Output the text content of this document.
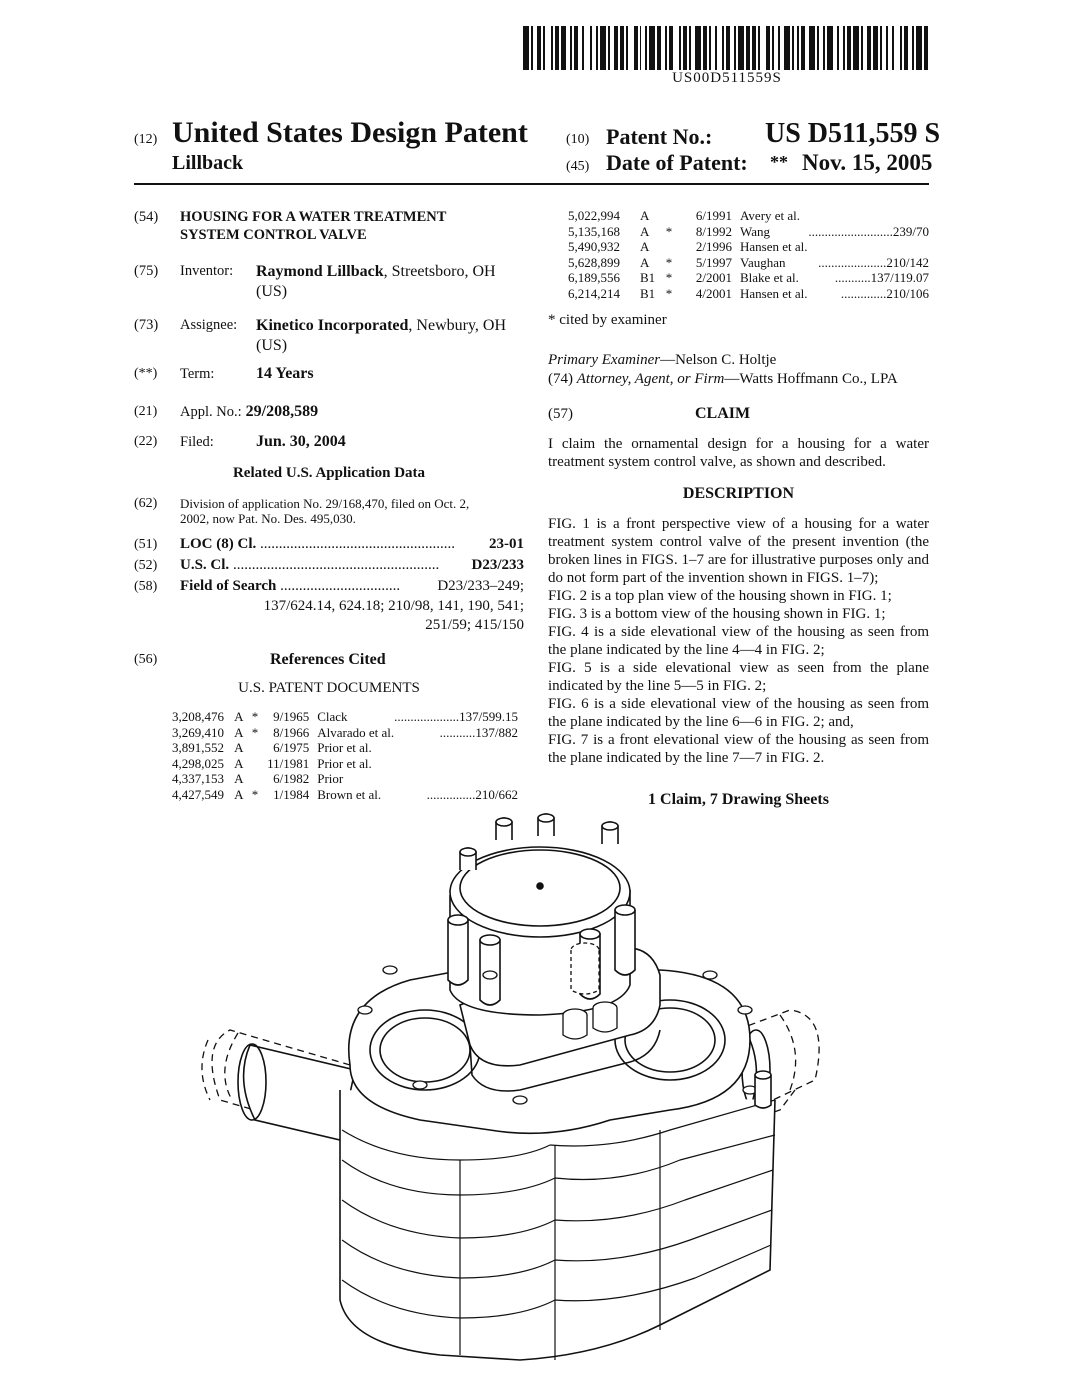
US00D511559S
(12) United States Design Patent	(10) Patent No.: US D511,559 S
Lillback	(45) Date of Patent: ** Nov. 15, 2005
(54)	HOUSING FOR A WATER TREATMENT
SYSTEM CONTROL VALVE
(75)	Inventor:	Raymond Lillback, Streetsboro, OH
(US)
(73)	Assignee:	Kinetico Incorporated, Newbury, OH
(US)
(**)	Term:	14 Years
(21)	Appl. No.: 29/208,589
(22)	Filed:	Jun. 30, 2004
Related U.S. Application Data
(62)	Division of application No. 29/168,470, filed on Oct. 2,
2002, now Pat. No. Des. 495,030.
(51)	LOC (8) Cl. ....................................................	23-01
(52)	U.S. Cl. .......................................................	D23/233
(58)	Field of Search ................................	D23/233–249;
137/624.14, 624.18; 210/98, 141, 190, 541;
251/59; 415/150
(56)	References Cited
U.S. PATENT DOCUMENTS
3,208,476	A	*	9/1965	Clack	....................137/599.15
3,269,410	A	*	8/1966	Alvarado et al.	...........137/882
3,891,552	A		6/1975	Prior et al.	
4,298,025	A		11/1981	Prior et al.	
4,337,153	A		6/1982	Prior	
4,427,549	A	*	1/1984	Brown et al.	...............210/662
5,022,994	A		6/1991	Avery et al.	
5,135,168	A	*	8/1992	Wang	..........................239/70
5,490,932	A		2/1996	Hansen et al.	
5,628,899	A	*	5/1997	Vaughan	.....................210/142
6,189,556	B1	*	2/2001	Blake et al.	...........137/119.07
6,214,214	B1	*	4/2001	Hansen et al.	..............210/106
* cited by examiner
Primary Examiner—Nelson C. Holtje
(74) Attorney, Agent, or Firm—Watts Hoffmann Co., LPA
(57)	CLAIM
I claim the ornamental design for a housing for a water treatment system control valve, as shown and described.
DESCRIPTION
FIG. 1 is a front perspective view of a housing for a water treatment system control valve of the present invention (the broken lines in FIGS. 1–7 are for illustrative purposes only and do not form part of the invention shown in FIGS. 1–7);
FIG. 2 is a top plan view of the housing shown in FIG. 1;
FIG. 3 is a bottom view of the housing shown in FIG. 1;
FIG. 4 is a side elevational view of the housing as seen from the plane indicated by the line 4—4 in FIG. 2;
FIG. 5 is a side elevational view as seen from the plane indicated by the line 5—5 in FIG. 2;
FIG. 6 is a side elevational view of the housing as seen from the plane indicated by the line 6—6 in FIG. 2; and,
FIG. 7 is a front elevational view of the housing as seen from the plane indicated by the line 7—7 in FIG. 2.
1 Claim, 7 Drawing Sheets
